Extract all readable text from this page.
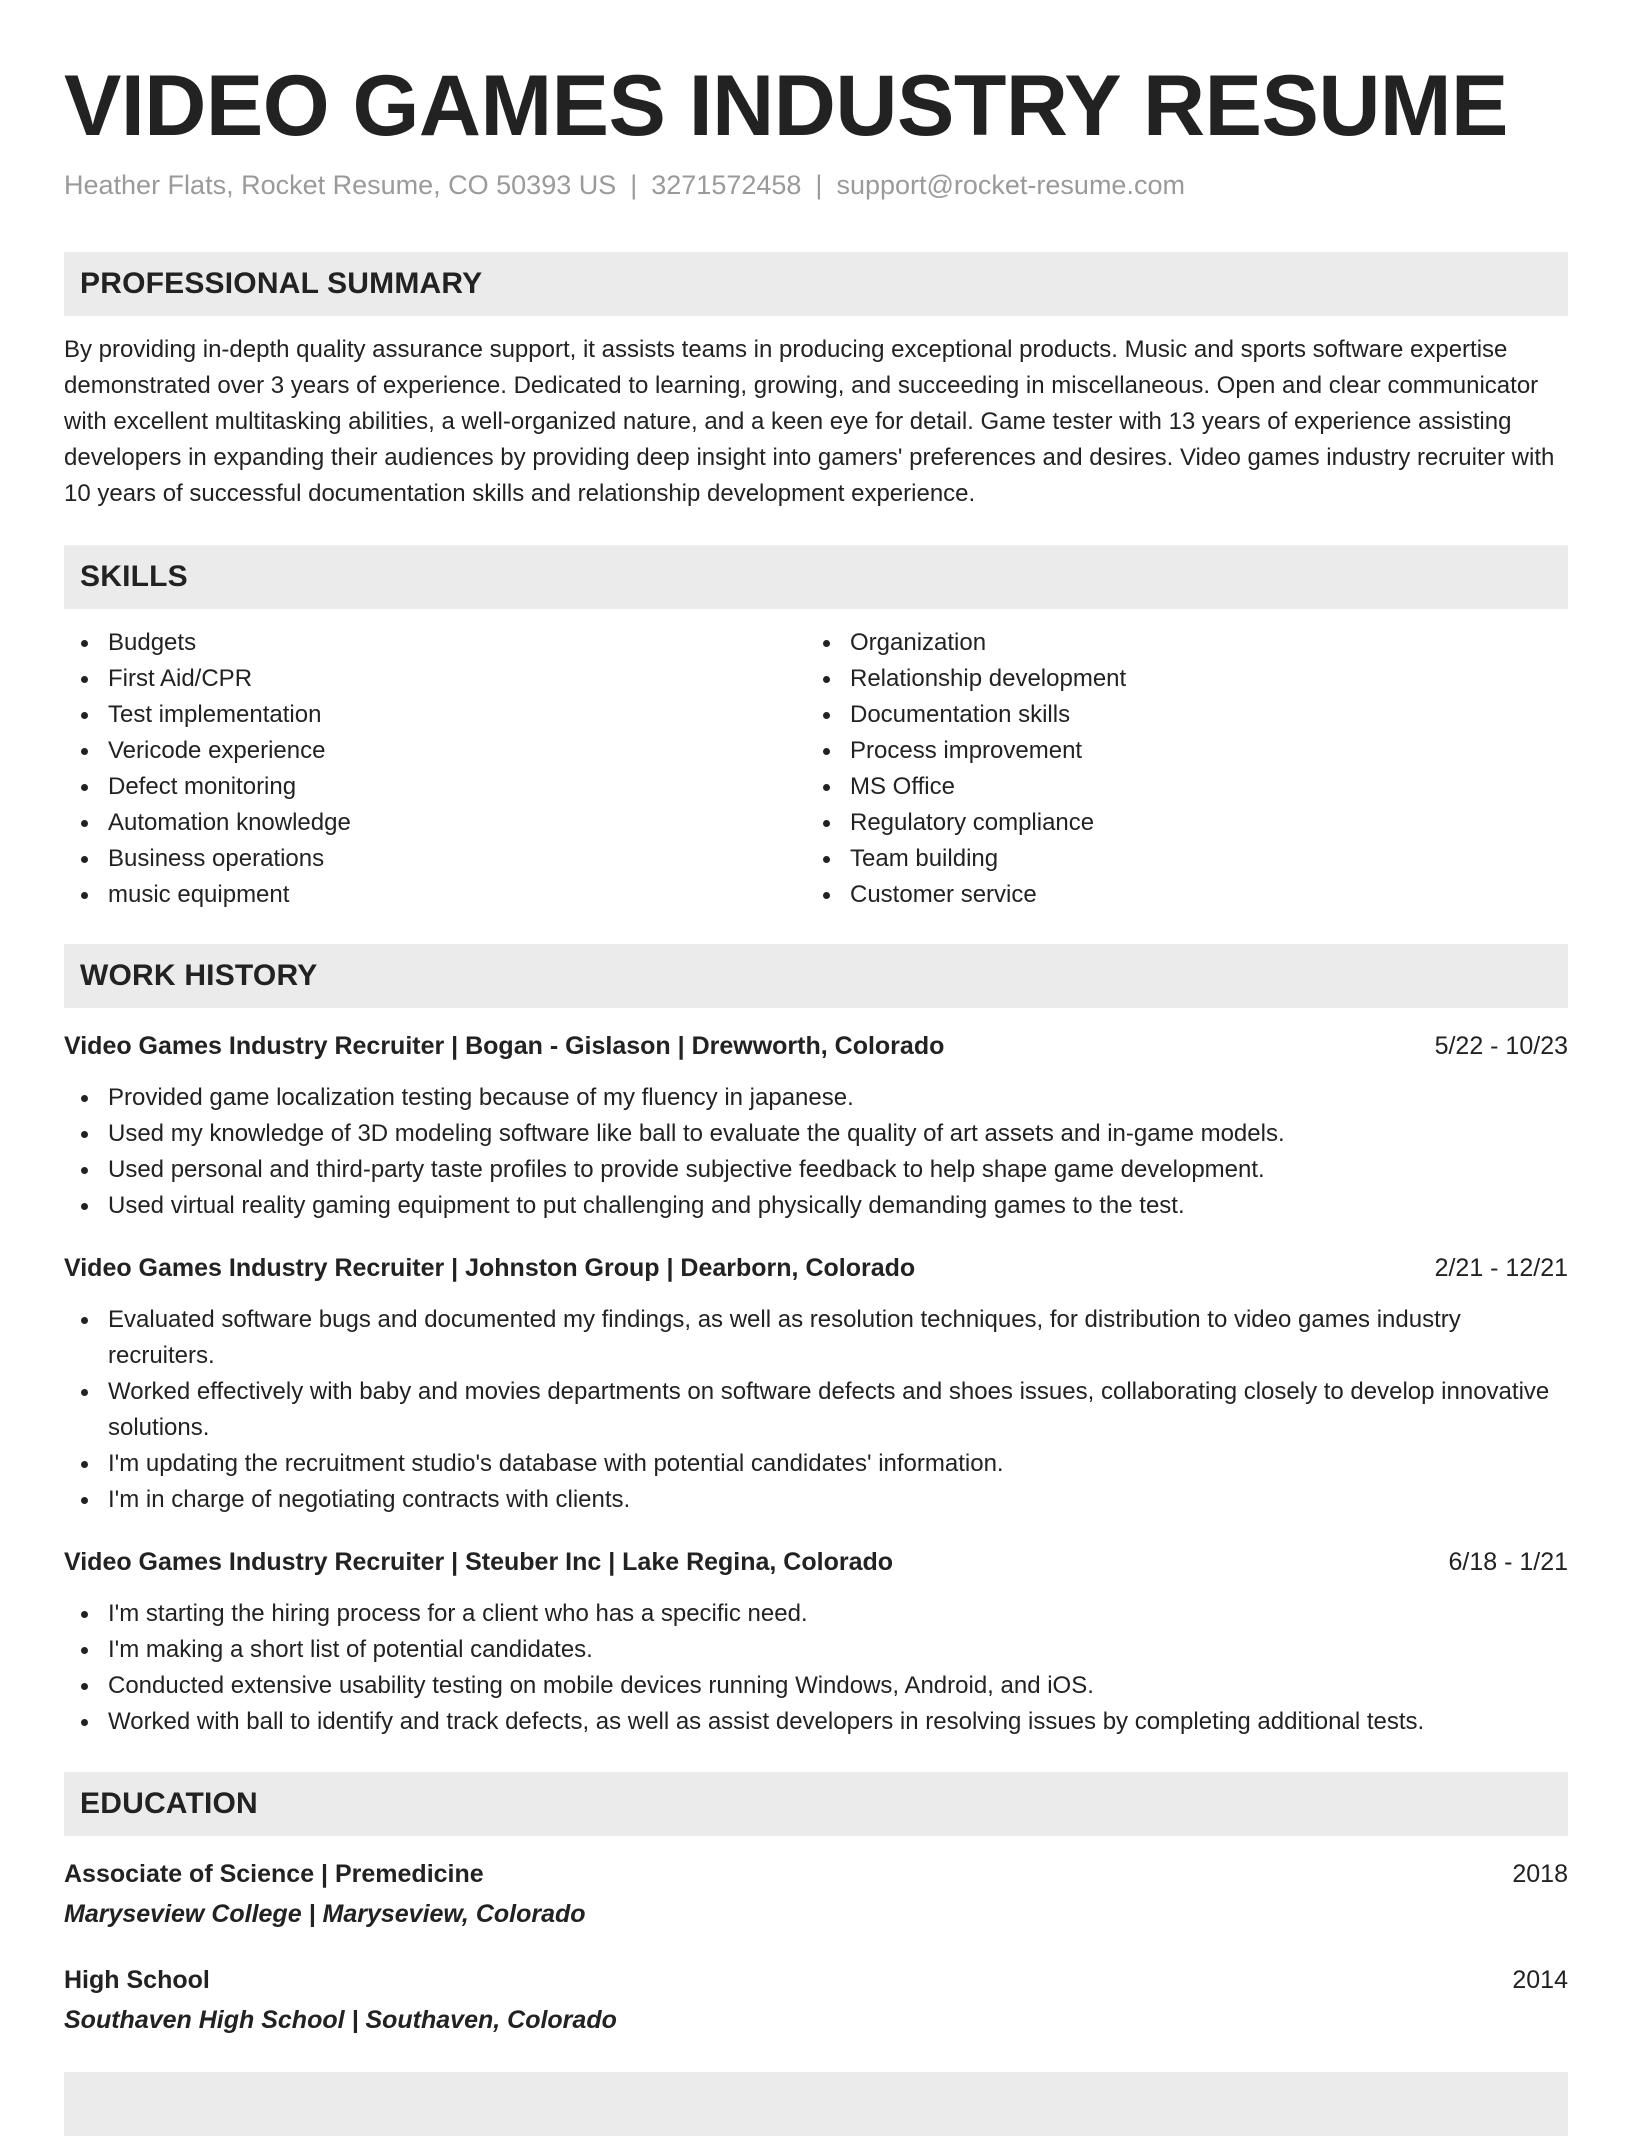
VIDEO GAMES INDUSTRY RESUME
Heather Flats, Rocket Resume, CO 50393 US | 3271572458 | support@rocket-resume.com
PROFESSIONAL SUMMARY

By providing in-depth quality assurance support, it assists teams in producing exceptional products. Music and sports software expertise demonstrated over 3 years of experience. Dedicated to learning, growing, and succeeding in miscellaneous. Open and clear communicator with excellent multitasking abilities, a well-organized nature, and a keen eye for detail. Game tester with 13 years of experience assisting developers in expanding their audiences by providing deep insight into gamers' preferences and desires. Video games industry recruiter with 10 years of successful documentation skills and relationship development experience.

SKILLS
Budgets
First Aid/CPR
Test implementation
Vericode experience
Defect monitoring
Automation knowledge
Business operations
music equipment
Organization
Relationship development
Documentation skills
Process improvement
MS Office
Regulatory compliance
Team building
Customer service
WORK HISTORY
Video Games Industry Recruiter | Bogan - Gislason | Drewworth, Colorado	5/22 - 10/23
Provided game localization testing because of my fluency in japanese.
Used my knowledge of 3D modeling software like ball to evaluate the quality of art assets and in-game models.
Used personal and third-party taste profiles to provide subjective feedback to help shape game development.
Used virtual reality gaming equipment to put challenging and physically demanding games to the test.
Video Games Industry Recruiter | Johnston Group | Dearborn, Colorado	2/21 - 12/21
Evaluated software bugs and documented my findings, as well as resolution techniques, for distribution to video games industry recruiters.
Worked effectively with baby and movies departments on software defects and shoes issues, collaborating closely to develop innovative solutions.
I'm updating the recruitment studio's database with potential candidates' information.
I'm in charge of negotiating contracts with clients.
Video Games Industry Recruiter | Steuber Inc | Lake Regina, Colorado	6/18 - 1/21
I'm starting the hiring process for a client who has a specific need.
I'm making a short list of potential candidates.
Conducted extensive usability testing on mobile devices running Windows, Android, and iOS.
Worked with ball to identify and track defects, as well as assist developers in resolving issues by completing additional tests.
EDUCATION
Associate of Science | Premedicine	2018
Maryseview College | Maryseview, Colorado
High School	2014
Southaven High School | Southaven, Colorado
